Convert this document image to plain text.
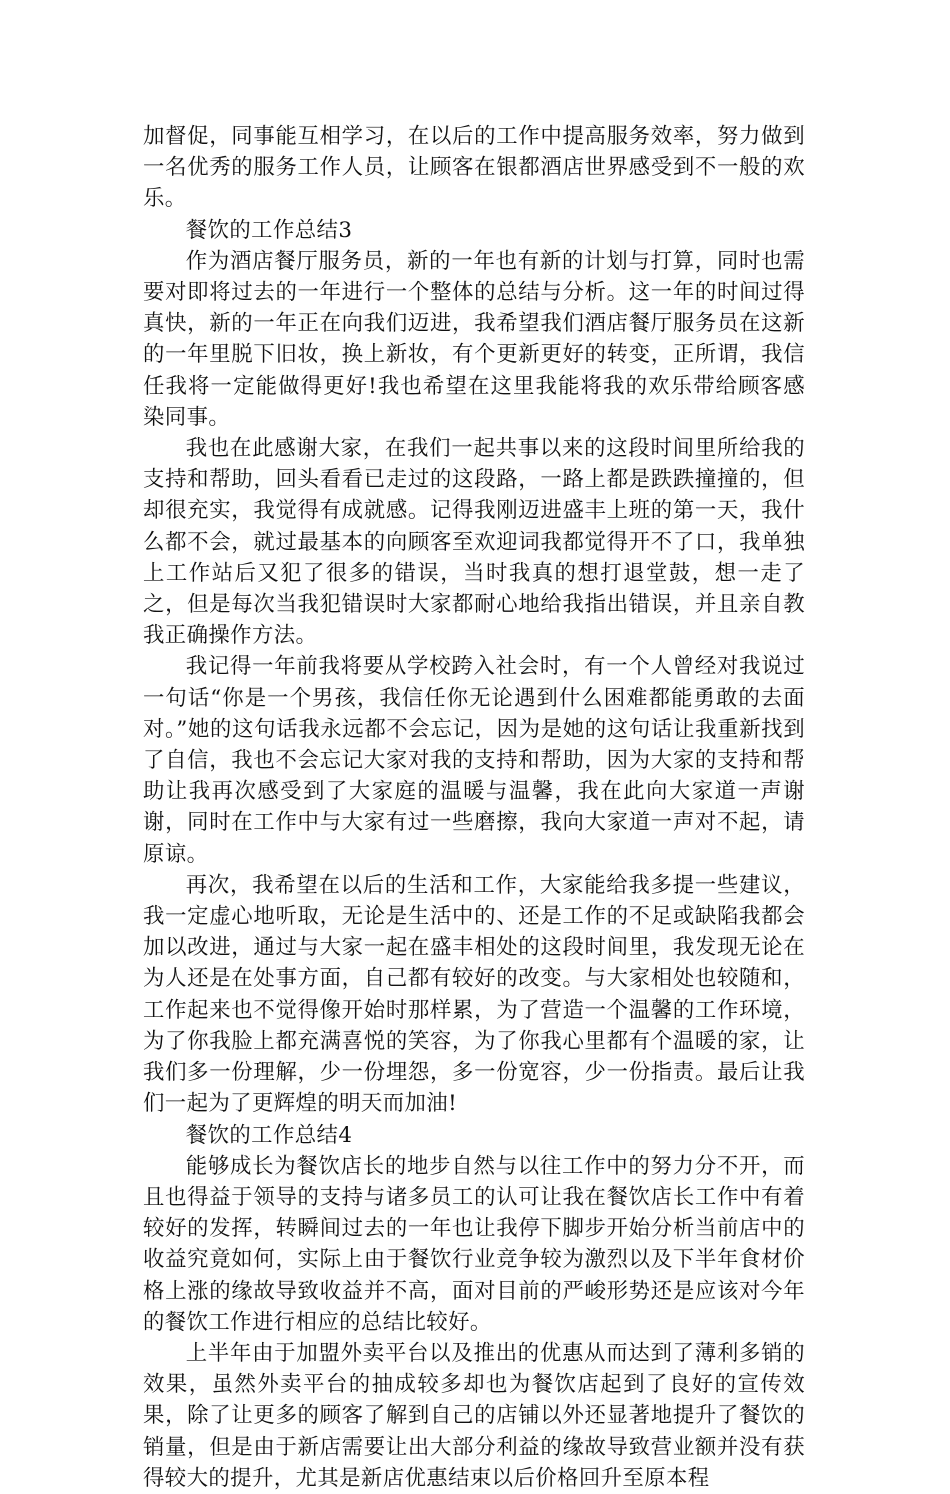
加督促，同事能互相学习，在以后的工作中提高服务效率，努力做到一名优秀的服务工作人员，让顾客在银都酒店世界感受到不一般的欢乐。

餐饮的工作总结3

作为酒店餐厅服务员，新的一年也有新的计划与打算，同时也需要对即将过去的一年进行一个整体的总结与分析。这一年的时间过得真快，新的一年正在向我们迈进，我希望我们酒店餐厅服务员在这新的一年里脱下旧妆，换上新妆，有个更新更好的转变，正所谓，我信任我将一定能做得更好!我也希望在这里我能将我的欢乐带给顾客感染同事。

我也在此感谢大家，在我们一起共事以来的这段时间里所给我的支持和帮助，回头看看已走过的这段路，一路上都是跌跌撞撞的，但却很充实，我觉得有成就感。记得我刚迈进盛丰上班的第一天，我什么都不会，就过最基本的向顾客至欢迎词我都觉得开不了口，我单独上工作站后又犯了很多的错误，当时我真的想打退堂鼓，想一走了之，但是每次当我犯错误时大家都耐心地给我指出错误，并且亲自教我正确操作方法。

我记得一年前我将要从学校跨入社会时，有一个人曾经对我说过一句话“你是一个男孩，我信任你无论遇到什么困难都能勇敢的去面对。”她的这句话我永远都不会忘记，因为是她的这句话让我重新找到了自信，我也不会忘记大家对我的支持和帮助，因为大家的支持和帮助让我再次感受到了大家庭的温暖与温馨，我在此向大家道一声谢谢，同时在工作中与大家有过一些磨擦，我向大家道一声对不起，请原谅。

再次，我希望在以后的生活和工作，大家能给我多提一些建议，我一定虚心地听取，无论是生活中的、还是工作的不足或缺陷我都会加以改进，通过与大家一起在盛丰相处的这段时间里，我发现无论在为人还是在处事方面，自己都有较好的改变。与大家相处也较随和，工作起来也不觉得像开始时那样累，为了营造一个温馨的工作环境，为了你我脸上都充满喜悦的笑容，为了你我心里都有个温暖的家，让我们多一份理解，少一份埋怨，多一份宽容，少一份指责。最后让我们一起为了更辉煌的明天而加油!

餐饮的工作总结4

能够成长为餐饮店长的地步自然与以往工作中的努力分不开，而且也得益于领导的支持与诸多员工的认可让我在餐饮店长工作中有着较好的发挥，转瞬间过去的一年也让我停下脚步开始分析当前店中的收益究竟如何，实际上由于餐饮行业竞争较为激烈以及下半年食材价格上涨的缘故导致收益并不高，面对目前的严峻形势还是应该对今年的餐饮工作进行相应的总结比较好。

上半年由于加盟外卖平台以及推出的优惠从而达到了薄利多销的效果，虽然外卖平台的抽成较多却也为餐饮店起到了良好的宣传效果，除了让更多的顾客了解到自己的店铺以外还显著地提升了餐饮的销量，但是由于新店需要让出大部分利益的缘故导致营业额并没有获得较大的提升，尤其是新店优惠结束以后价格回升至原本程
